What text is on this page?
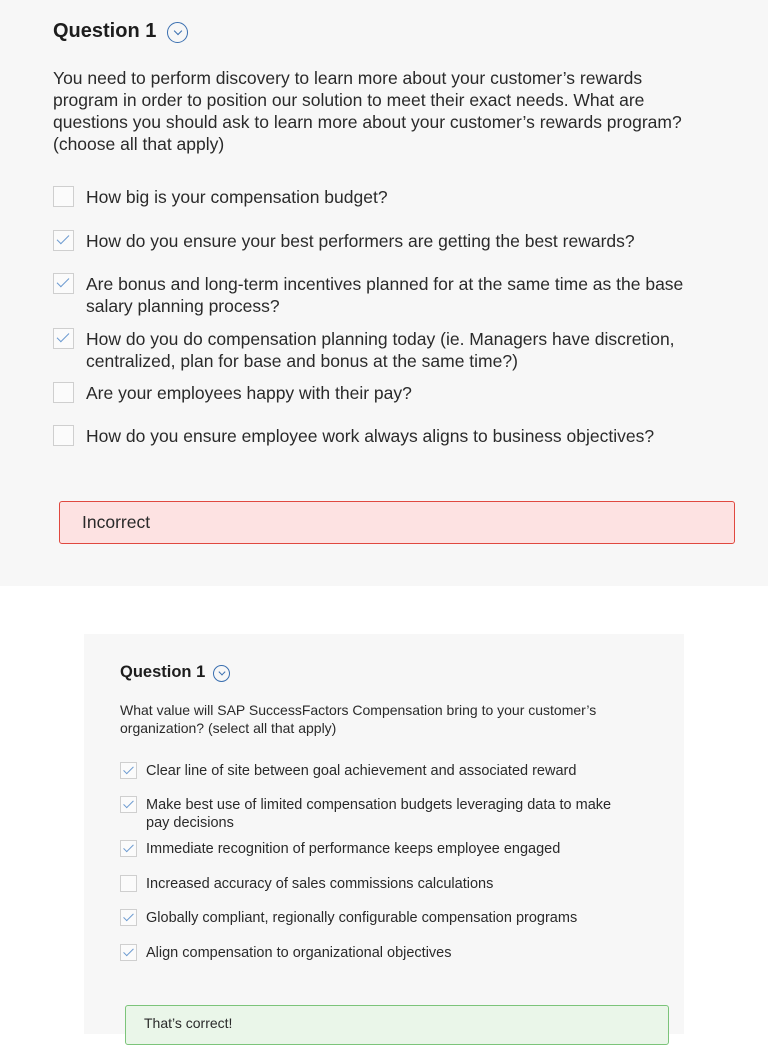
Question 1
You need to perform discovery to learn more about your customer’s rewards program in order to position our solution to meet their exact needs. What are questions you should ask to learn more about your customer’s rewards program? (choose all that apply)
How big is your compensation budget?
How do you ensure your best performers are getting the best rewards?
Are bonus and long-term incentives planned for at the same time as the base salary planning process?
How do you do compensation planning today (ie. Managers have discretion, centralized, plan for base and bonus at the same time?)
Are your employees happy with their pay?
How do you ensure employee work always aligns to business objectives?
Incorrect
Question 1
What value will SAP SuccessFactors Compensation bring to your customer’s organization? (select all that apply)
Clear line of site between goal achievement and associated reward
Make best use of limited compensation budgets leveraging data to make pay decisions
Immediate recognition of performance keeps employee engaged
Increased accuracy of sales commissions calculations
Globally compliant, regionally configurable compensation programs
Align compensation to organizational objectives
That’s correct!
